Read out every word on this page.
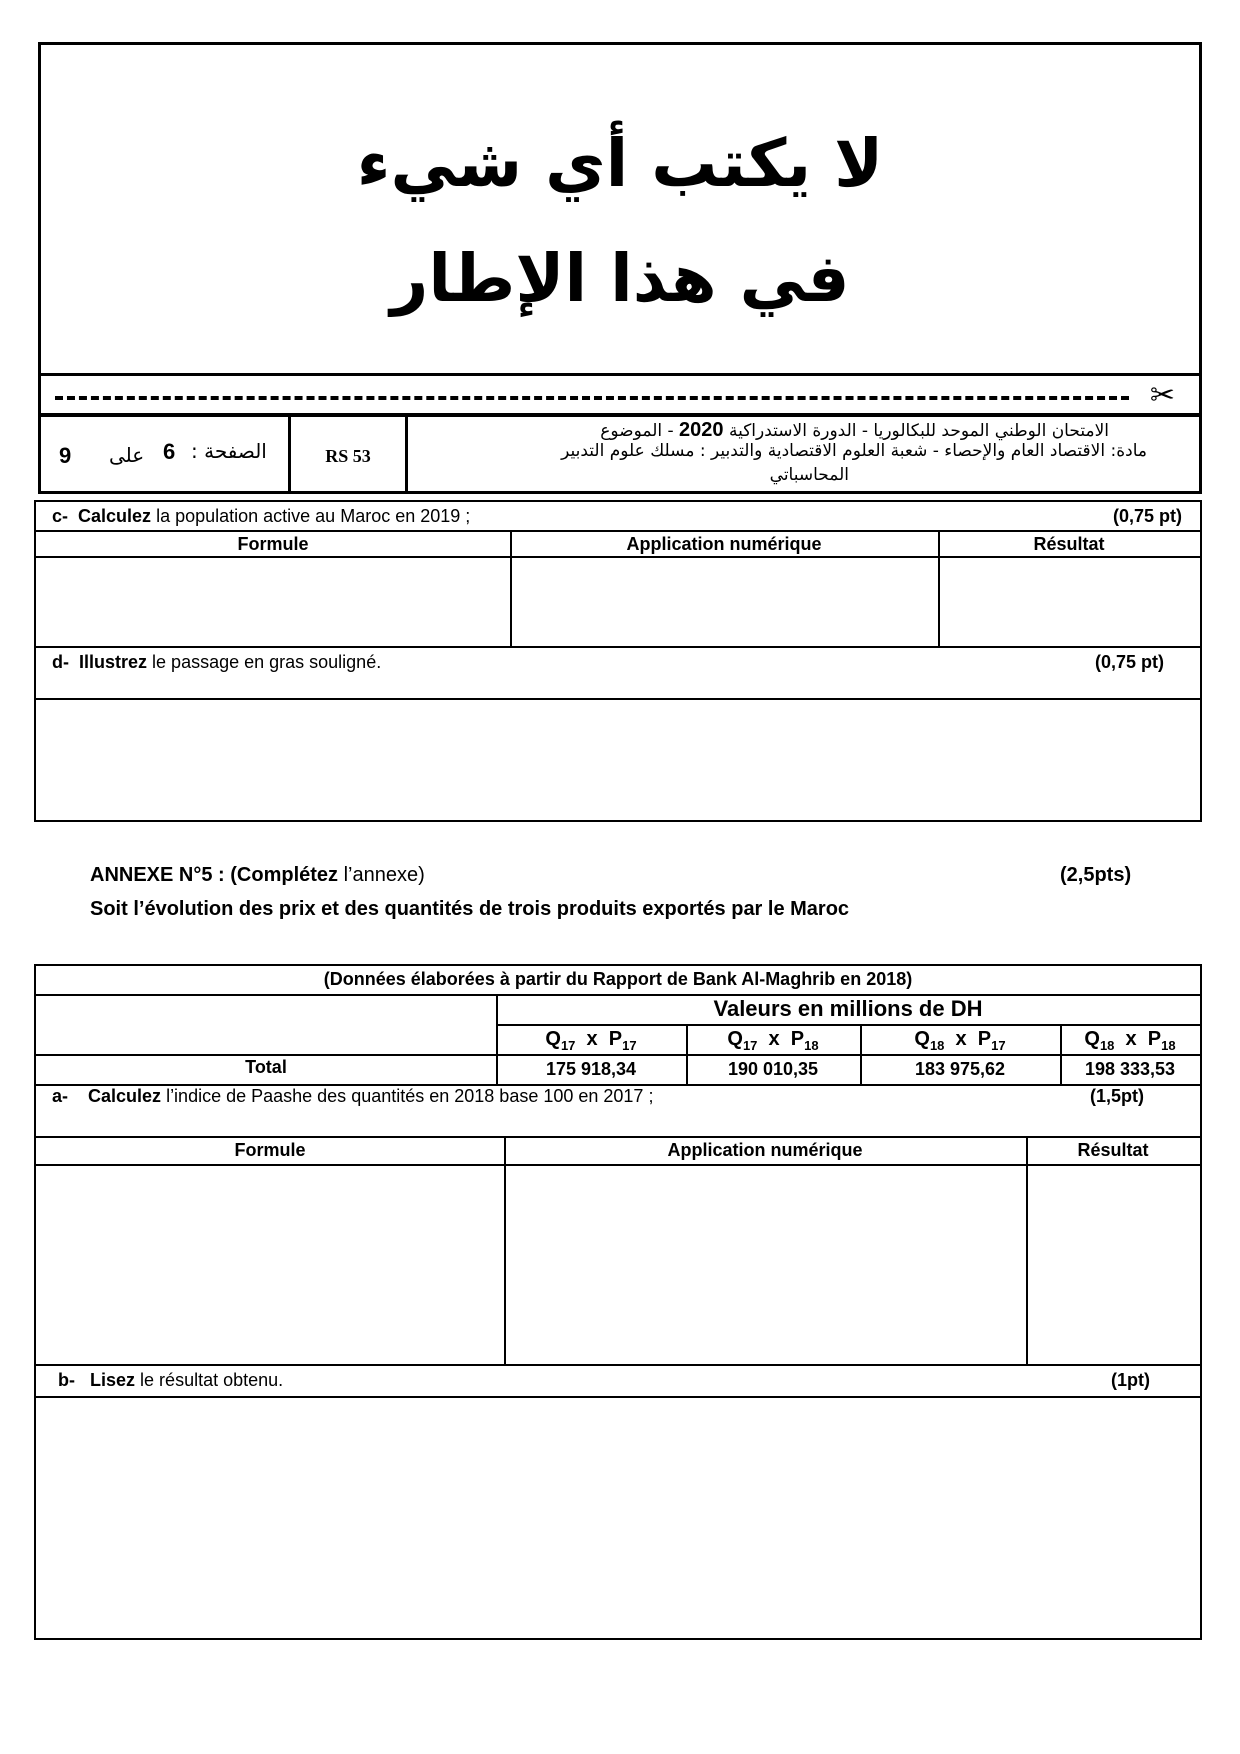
لا يكتب أي شيء
في هذا الإطار
✂
9 على 6 الصفحة :	RS 53
الامتحان الوطني الموحد للبكالوريا - الدورة الاستدراكية 2020 - الموضوع
مادة: الاقتصاد العام والإحصاء - شعبة العلوم الاقتصادية والتدبير : مسلك علوم التدبير
المحاسباتي
c- Calculez la population active au Maroc en 2019 ;	(0,75 pt)
Formule	Application numérique	Résultat
d- Illustrez le passage en gras souligné.	(0,75 pt)
ANNEXE N°5 : (Complétez l’annexe)	(2,5pts)
Soit l’évolution des prix et des quantités de trois produits exportés par le Maroc
(Données élaborées à partir du Rapport de Bank Al-Maghrib en 2018)
Valeurs en millions de DH
$Q_{17}$ x $P_{17}$	$Q_{17}$ x $P_{18}$	$Q_{18}$ x $P_{17}$	$Q_{18}$ x $P_{18}$
Total	175 918,34	190 010,35	183 975,62	198 333,53
a- Calculez l’indice de Paashe des quantités en 2018 base 100 en 2017 ;	(1,5pt)
Formule	Application numérique	Résultat
b- Lisez le résultat obtenu.	(1pt)
